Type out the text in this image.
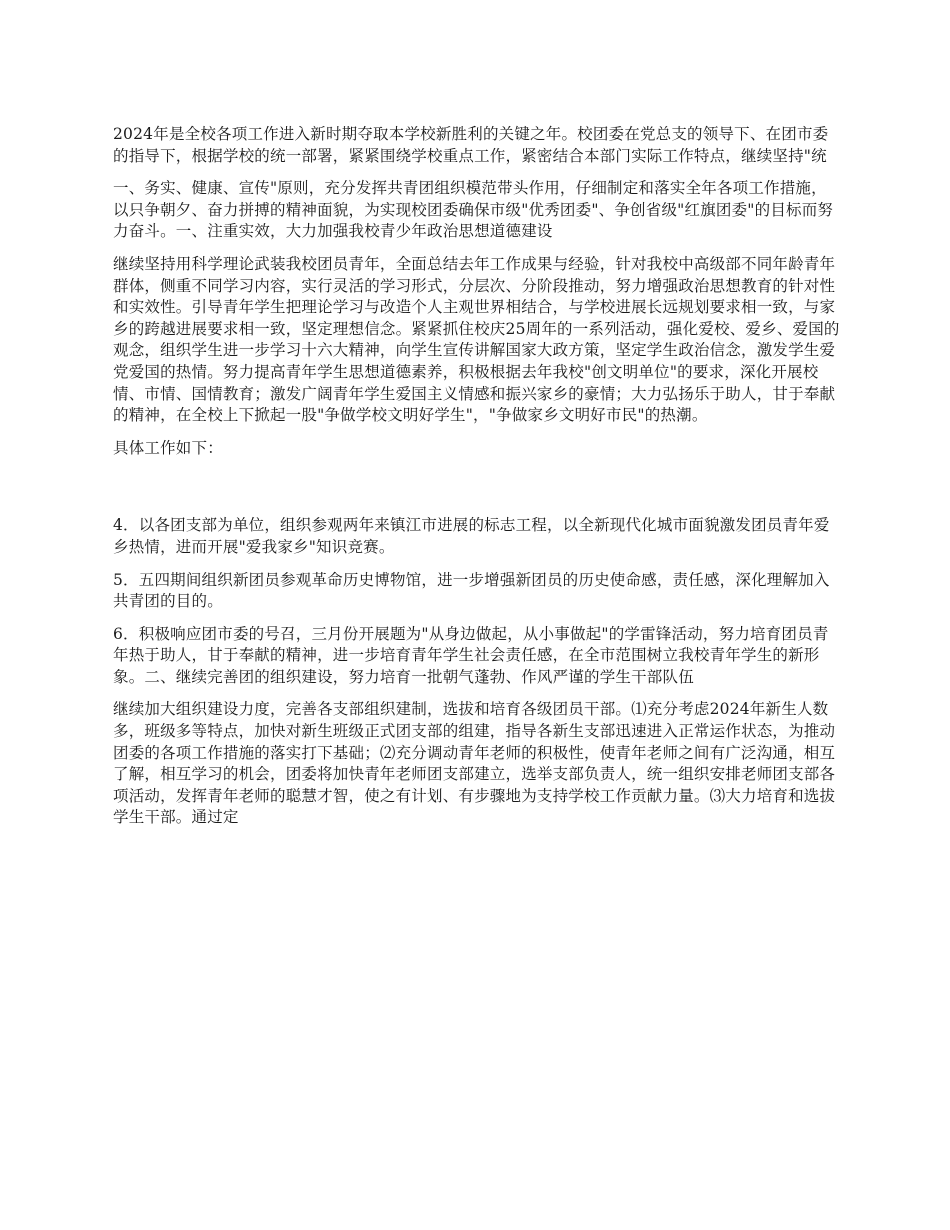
2024年是全校各项工作进入新时期夺取本学校新胜利的关键之年。校团委在党总支的领导下、在团市委的指导下，根据学校的统一部署，紧紧围绕学校重点工作，紧密结合本部门实际工作特点，继续坚持"统

一、务实、健康、宣传"原则，充分发挥共青团组织模范带头作用，仔细制定和落实全年各项工作措施，以只争朝夕、奋力拼搏的精神面貌，为实现校团委确保市级"优秀团委"、争创省级"红旗团委"的目标而努力奋斗。一、注重实效，大力加强我校青少年政治思想道德建设

继续坚持用科学理论武装我校团员青年，全面总结去年工作成果与经验，针对我校中高级部不同年龄青年群体，侧重不同学习内容，实行灵活的学习形式，分层次、分阶段推动，努力增强政治思想教育的针对性和实效性。引导青年学生把理论学习与改造个人主观世界相结合，与学校进展长远规划要求相一致，与家乡的跨越进展要求相一致，坚定理想信念。紧紧抓住校庆25周年的一系列活动，强化爱校、爱乡、爱国的观念，组织学生进一步学习十六大精神，向学生宣传讲解国家大政方策，坚定学生政治信念，激发学生爱党爱国的热情。努力提高青年学生思想道德素养，积极根据去年我校"创文明单位"的要求，深化开展校情、市情、国情教育；激发广阔青年学生爱国主义情感和振兴家乡的豪情；大力弘扬乐于助人，甘于奉献的精神，在全校上下掀起一股"争做学校文明好学生"，"争做家乡文明好市民"的热潮。

具体工作如下：

4．以各团支部为单位，组织参观两年来镇江市进展的标志工程，以全新现代化城市面貌激发团员青年爱乡热情，进而开展"爱我家乡"知识竞赛。

5．五四期间组织新团员参观革命历史博物馆，进一步增强新团员的历史使命感，责任感，深化理解加入共青团的目的。

6．积极响应团市委的号召，三月份开展题为"从身边做起，从小事做起"的学雷锋活动，努力培育团员青年热于助人，甘于奉献的精神，进一步培育青年学生社会责任感，在全市范围树立我校青年学生的新形象。二、继续完善团的组织建设，努力培育一批朝气蓬勃、作风严谨的学生干部队伍

继续加大组织建设力度，完善各支部组织建制，选拔和培育各级团员干部。⑴充分考虑2024年新生人数多，班级多等特点，加快对新生班级正式团支部的组建，指导各新生支部迅速进入正常运作状态，为推动团委的各项工作措施的落实打下基础；⑵充分调动青年老师的积极性，使青年老师之间有广泛沟通，相互了解，相互学习的机会，团委将加快青年老师团支部建立，选举支部负责人，统一组织安排老师团支部各项活动，发挥青年老师的聪慧才智，使之有计划、有步骤地为支持学校工作贡献力量。⑶大力培育和选拔学生干部。通过定
